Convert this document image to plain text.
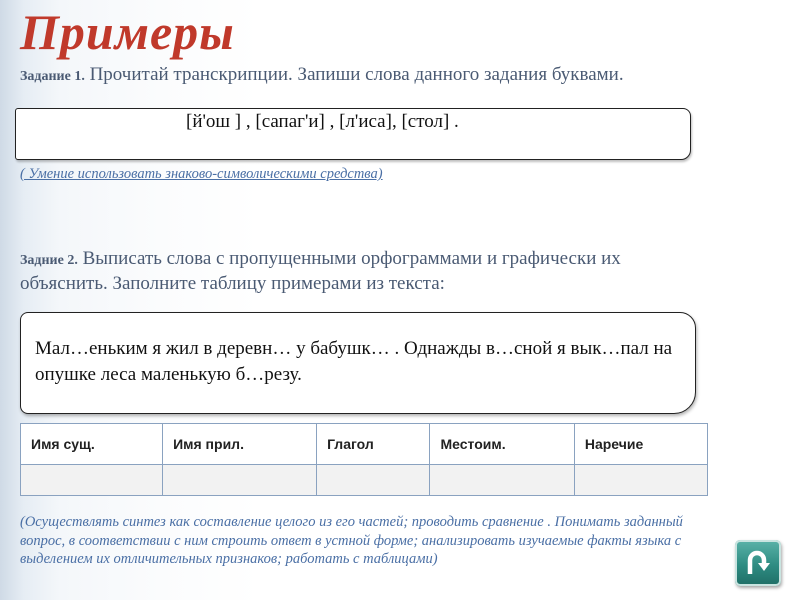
Примеры
Задание 1. Прочитай транскрипции. Запиши слова данного задания буквами.
[й'ош ] , [сапаг'и] , [л'иса], [стол] .
( Умение использовать знаково-символическими средства)
Задние 2. Выписать слова с пропущенными орфограммами и графически их объяснить. Заполните таблицу примерами из текста:
Мал…еньким я жил в деревн… у бабушк… . Однажды в…сной я вык…пал на опушке леса маленькую б…резу.
Имя сущ.	Имя прил.	Глагол	Местоим.	Наречие

(Осуществлять синтез как составление целого из его частей; проводить сравнение . Понимать заданный вопрос, в соответствии с ним строить ответ в устной форме; анализировать изучаемые факты языка с выделением их отличительных признаков; работать с таблицами)
